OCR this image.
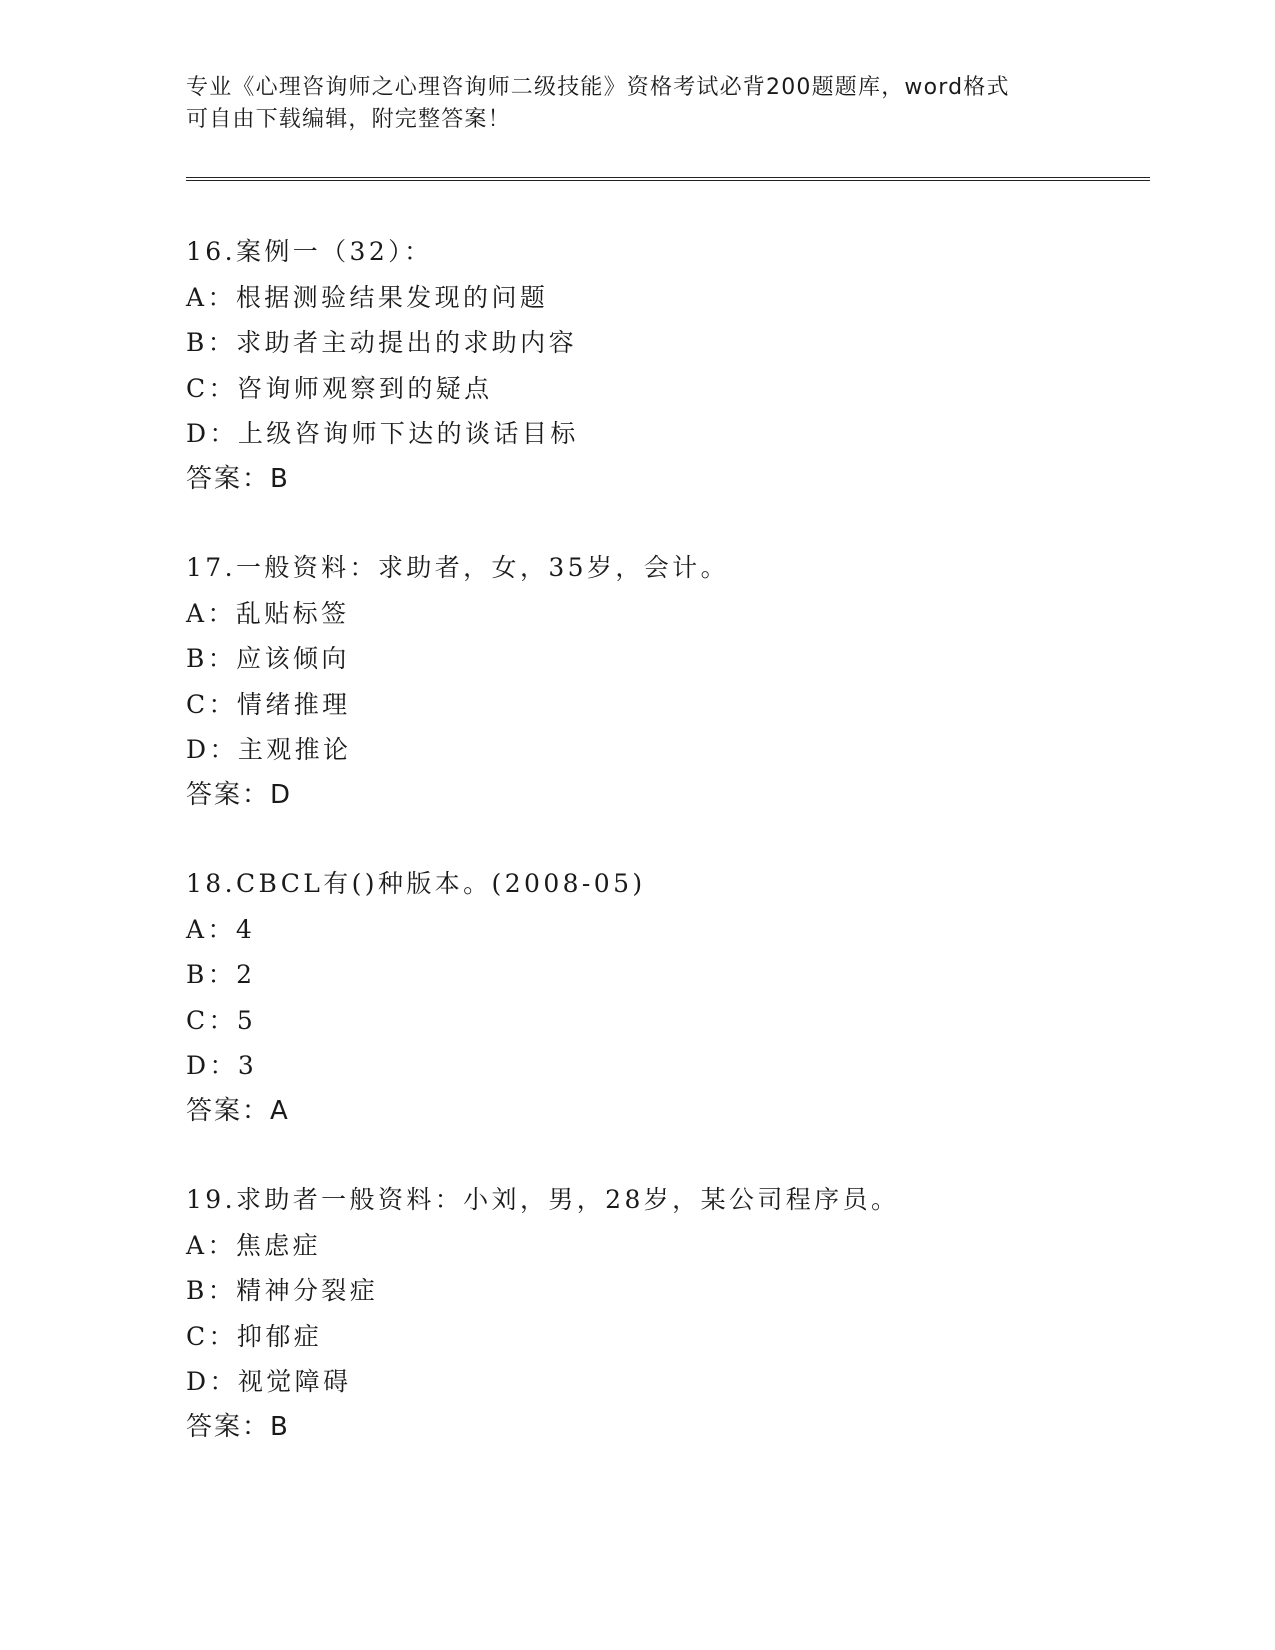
专业《心理咨询师之心理咨询师二级技能》资格考试必背200题题库，word格式
可自由下载编辑，附完整答案！
16.案例一（32）：
A：根据测验结果发现的问题
B：求助者主动提出的求助内容
C：咨询师观察到的疑点
D：上级咨询师下达的谈话目标
答案：B
17.一般资料：求助者，女，35岁，会计。
A：乱贴标签
B：应该倾向
C：情绪推理
D：主观推论
答案：D
18.CBCL有()种版本。(2008-05)
A：4
B：2
C：5
D：3
答案：A
19.求助者一般资料：小刘，男，28岁，某公司程序员。
A：焦虑症
B：精神分裂症
C：抑郁症
D：视觉障碍
答案：B
